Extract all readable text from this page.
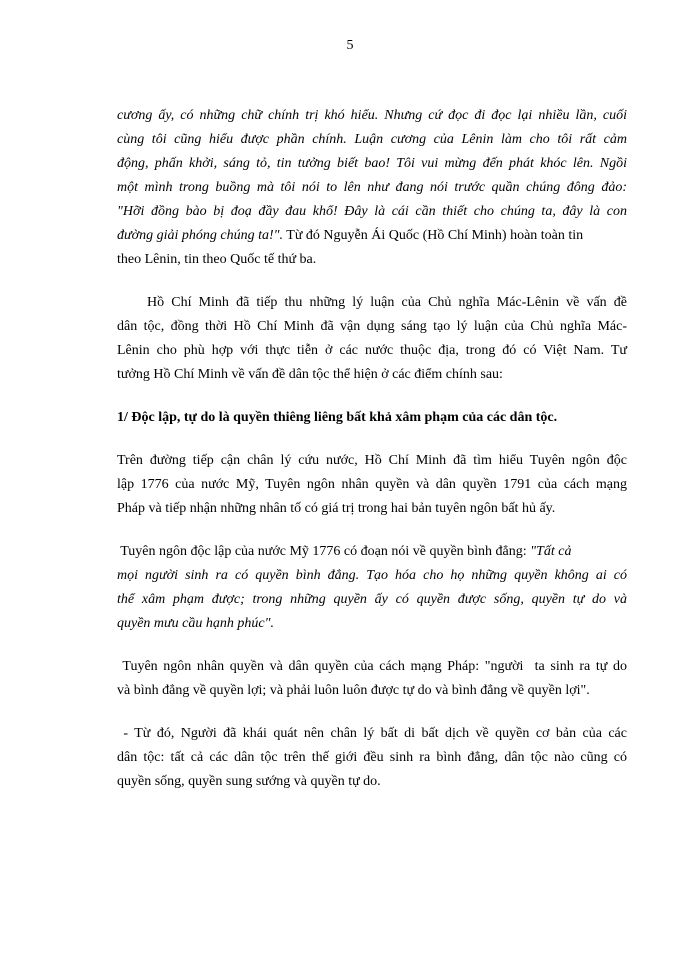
5

cương ấy, có những chữ chính trị khó hiểu. Nhưng cứ đọc đi đọc lại nhiều lần, cuối
cùng tôi cũng hiểu được phần chính. Luận cương của Lênin làm cho tôi rất cảm
động, phấn khởi, sáng tỏ, tin tưởng biết bao! Tôi vui mừng đến phát khóc lên. Ngồi
một mình trong buồng mà tôi nói to lên như đang nói trước quần chúng đông đảo:
"Hỡi đồng bào bị đoạ đầy đau khổ! Đây là cái cần thiết cho chúng ta, đây là con
đường giải phóng chúng ta!". Từ đó Nguyễn Ái Quốc (Hồ Chí Minh) hoàn toàn tin
theo Lênin, tin theo Quốc tế thứ ba.

Hồ Chí Minh đã tiếp thu những lý luận của Chủ nghĩa Mác-Lênin về vấn đề
dân tộc, đồng thời Hồ Chí Minh đã vận dụng sáng tạo lý luận của Chủ nghĩa Mác-
Lênin cho phù hợp với thực tiễn ở các nước thuộc địa, trong đó có Việt Nam. Tư
tưởng Hồ Chí Minh về vấn đề dân tộc thể hiện ở các điểm chính sau:

1/ Độc lập, tự do là quyền thiêng liêng bất khả xâm phạm của các dân tộc.

Trên đường tiếp cận chân lý cứu nước, Hồ Chí Minh đã tìm hiểu Tuyên ngôn độc
lập 1776 của nước Mỹ, Tuyên ngôn nhân quyền và dân quyền 1791 của cách mạng
Pháp và tiếp nhận những nhân tố có giá trị trong hai bản tuyên ngôn bất hủ ấy.

Tuyên ngôn độc lập của nước Mỹ 1776 có đoạn nói về quyền bình đẳng: "Tất cả
mọi người sinh ra có quyền bình đẳng. Tạo hóa cho họ những quyền không ai có
thể xâm phạm được; trong những quyền ấy có quyền được sống, quyền tự do và
quyền mưu cầu hạnh phúc".

Tuyên ngôn nhân quyền và dân quyền của cách mạng Pháp: "người  ta sinh ra tự do
và bình đẳng về quyền lợi; và phải luôn luôn được tự do và bình đẳng về quyền lợi".

- Từ đó, Người đã khái quát nên chân lý bất di bất dịch về quyền cơ bản của các
dân tộc: tất cả các dân tộc trên thế giới đều sinh ra bình đẳng, dân tộc nào cũng có
quyền sống, quyền sung sướng và quyền tự do.
